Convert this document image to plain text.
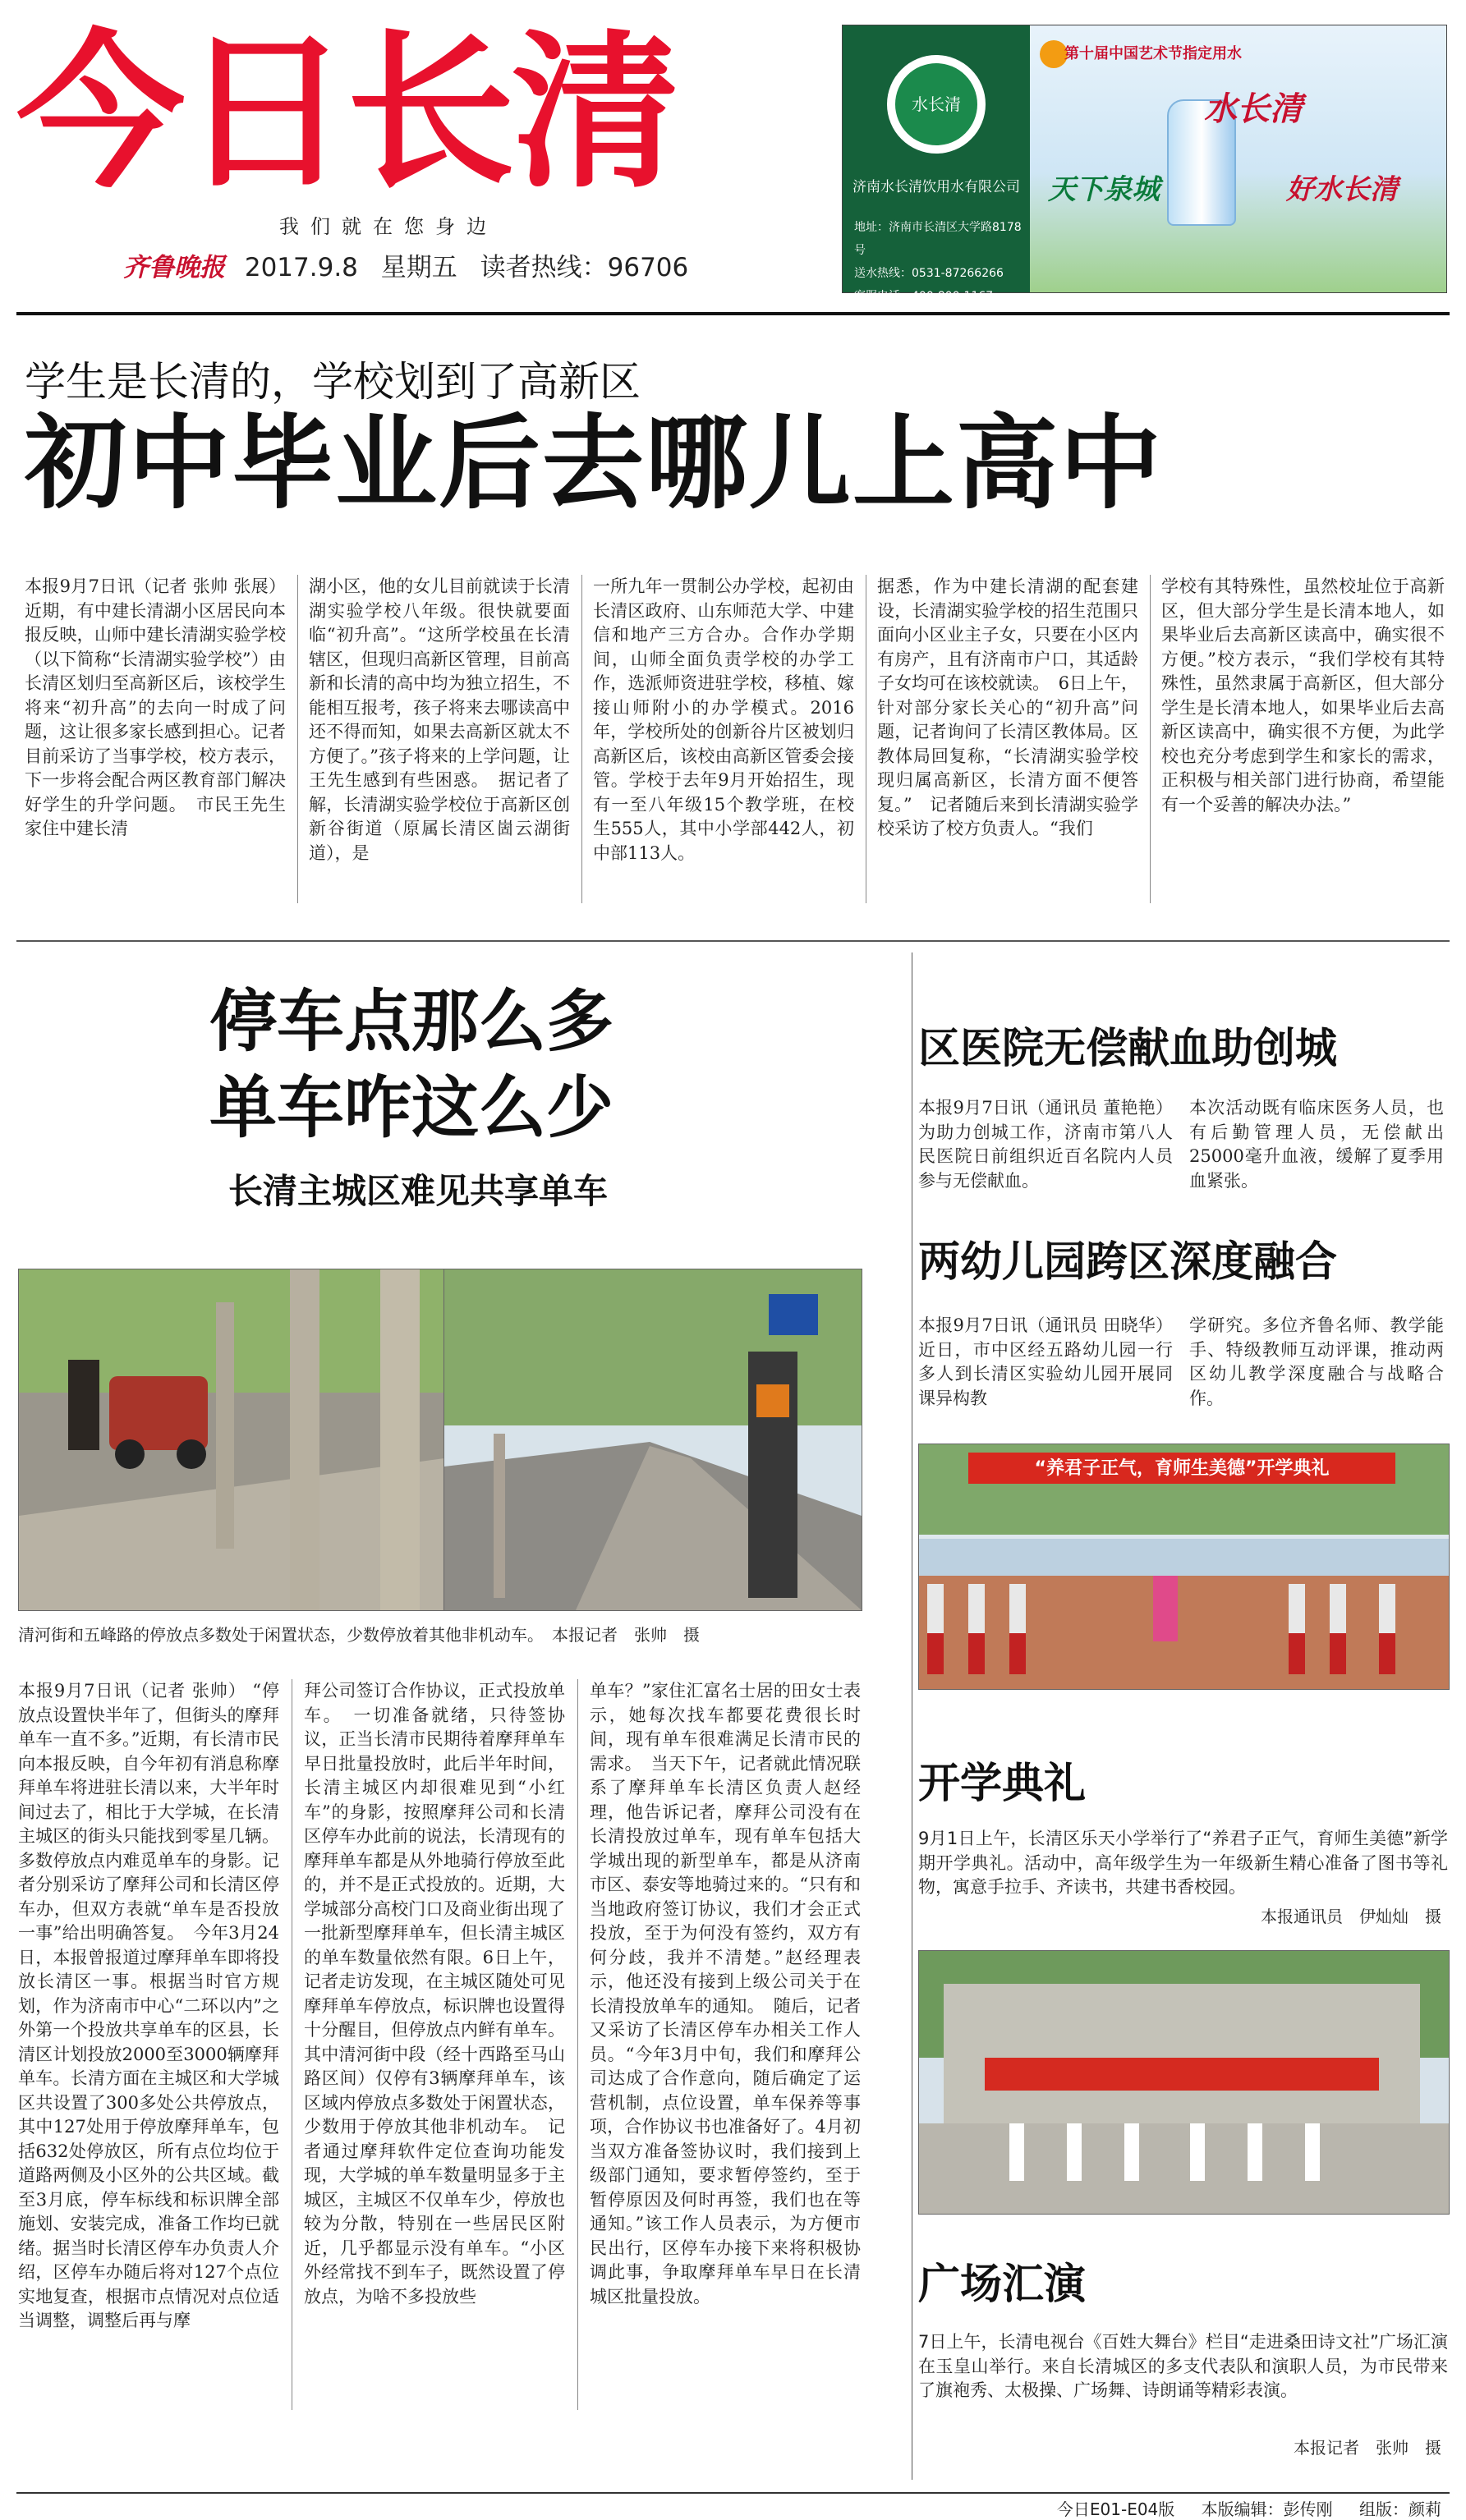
今日长清
我们就在您身边
齐鲁晚报 2017.9.8 星期五 读者热线：96706
水长清
济南水长清饮用水有限公司
地址：济南市长清区大学路8178号
送水热线：0531-87266266
客服电话：400-800-1167
第十届中国艺术节指定用水
水长清
天下泉城	好水长清
学生是长清的，学校划到了高新区
初中毕业后去哪儿上高中
本报9月7日讯（记者 张帅 张展） 近期，有中建长清湖小区居民向本报反映，山师中建长清湖实验学校（以下简称“长清湖实验学校”）由长清区划归至高新区后，该校学生将来“初升高”的去向一时成了问题，这让很多家长感到担心。记者目前采访了当事学校，校方表示，下一步将会配合两区教育部门解决好学生的升学问题。　市民王先生家住中建长清
湖小区，他的女儿目前就读于长清湖实验学校八年级。很快就要面临“初升高”。“这所学校虽在长清辖区，但现归高新区管理，目前高新和长清的高中均为独立招生，不能相互报考，孩子将来去哪读高中还不得而知，如果去高新区就太不方便了。”孩子将来的上学问题，让王先生感到有些困惑。　据记者了解，长清湖实验学校位于高新区创新谷街道（原属长清区崮云湖街道），是
一所九年一贯制公办学校，起初由长清区政府、山东师范大学、中建信和地产三方合办。合作办学期间，山师全面负责学校的办学工作，选派师资进驻学校，移植、嫁接山师附小的办学模式。2016年，学校所处的创新谷片区被划归高新区后，该校由高新区管委会接管。学校于去年9月开始招生，现有一至八年级15个教学班，在校生555人，其中小学部442人，初中部113人。
据悉，作为中建长清湖的配套建设，长清湖实验学校的招生范围只面向小区业主子女，只要在小区内有房产，且有济南市户口，其适龄子女均可在该校就读。　6日上午，针对部分家长关心的“初升高”问题，记者询问了长清区教体局。区教体局回复称，“长清湖实验学校现归属高新区，长清方面不便答复。”　记者随后来到长清湖实验学校采访了校方负责人。“我们
学校有其特殊性，虽然校址位于高新区，但大部分学生是长清本地人，如果毕业后去高新区读高中，确实很不方便。”校方表示，“我们学校有其特殊性，虽然隶属于高新区，但大部分学生是长清本地人，如果毕业后去高新区读高中，确实很不方便，为此学校也充分考虑到学生和家长的需求，正积极与相关部门进行协商，希望能有一个妥善的解决办法。”
停车点那么多
单车咋这么少
长清主城区难见共享单车
清河街和五峰路的停放点多数处于闲置状态，少数停放着其他非机动车。　本报记者　张帅　摄
本报9月7日讯（记者 张帅） “停放点设置快半年了，但街头的摩拜单车一直不多。”近期，有长清市民向本报反映，自今年初有消息称摩拜单车将进驻长清以来，大半年时间过去了，相比于大学城，在长清主城区的街头只能找到零星几辆。多数停放点内难觅单车的身影。记者分别采访了摩拜公司和长清区停车办，但双方表就“单车是否投放一事”给出明确答复。　今年3月24日，本报曾报道过摩拜单车即将投放长清区一事。根据当时官方规划，作为济南市中心“二环以内”之外第一个投放共享单车的区县，长清区计划投放2000至3000辆摩拜单车。长清方面在主城区和大学城区共设置了300多处公共停放点，其中127处用于停放摩拜单车，包括632处停放区，所有点位均位于道路两侧及小区外的公共区域。截至3月底，停车标线和标识牌全部施划、安装完成，准备工作均已就绪。据当时长清区停车办负责人介绍，区停车办随后将对127个点位实地复查，根据市点情况对点位适当调整，调整后再与摩
拜公司签订合作协议，正式投放单车。　一切准备就绪，只待签协议，正当长清市民期待着摩拜单车早日批量投放时，此后半年时间，长清主城区内却很难见到“小红车”的身影，按照摩拜公司和长清区停车办此前的说法，长清现有的摩拜单车都是从外地骑行停放至此的，并不是正式投放的。近期，大学城部分高校门口及商业街出现了一批新型摩拜单车，但长清主城区的单车数量依然有限。6日上午，记者走访发现，在主城区随处可见摩拜单车停放点，标识牌也设置得十分醒目，但停放点内鲜有单车。其中清河街中段（经十西路至马山路区间）仅停有3辆摩拜单车，该区域内停放点多数处于闲置状态，少数用于停放其他非机动车。　记者通过摩拜软件定位查询功能发现，大学城的单车数量明显多于主城区，主城区不仅单车少，停放也较为分散，特别在一些居民区附近，几乎都显示没有单车。“小区外经常找不到车子，既然设置了停放点，为啥不多投放些
单车？”家住汇富名士居的田女士表示，她每次找车都要花费很长时间，现有单车很难满足长清市民的需求。　当天下午，记者就此情况联系了摩拜单车长清区负责人赵经理，他告诉记者，摩拜公司没有在长清投放过单车，现有单车包括大学城出现的新型单车，都是从济南市区、泰安等地骑过来的。“只有和当地政府签订协议，我们才会正式投放，至于为何没有签约，双方有何分歧，我并不清楚。”赵经理表示，他还没有接到上级公司关于在长清投放单车的通知。　随后，记者又采访了长清区停车办相关工作人员。“今年3月中旬，我们和摩拜公司达成了合作意向，随后确定了运营机制，点位设置，单车保养等事项，合作协议书也准备好了。4月初当双方准备签协议时，我们接到上级部门通知，要求暂停签约，至于暂停原因及何时再签，我们也在等通知。”该工作人员表示，为方便市民出行，区停车办接下来将积极协调此事，争取摩拜单车早日在长清城区批量投放。
区医院无偿献血助创城
本报9月7日讯（通讯员 董艳艳） 为助力创城工作，济南市第八人民医院日前组织近百名院内人员参与无偿献血。
本次活动既有临床医务人员，也有后勤管理人员，无偿献出25000毫升血液，缓解了夏季用血紧张。
两幼儿园跨区深度融合
本报9月7日讯（通讯员 田晓华） 近日，市中区经五路幼儿园一行多人到长清区实验幼儿园开展同课异构教
学研究。多位齐鲁名师、教学能手、特级教师互动评课，推动两区幼儿教学深度融合与战略合作。
“养君子正气，育师生美德”开学典礼
开学典礼
9月1日上午，长清区乐天小学举行了“养君子正气，育师生美德”新学期开学典礼。活动中，高年级学生为一年级新生精心准备了图书等礼物，寓意手拉手、齐读书，共建书香校园。
本报通讯员　伊灿灿　摄
广场汇演
7日上午，长清电视台《百姓大舞台》栏目“走进桑田诗文社”广场汇演在玉皇山举行。来自长清城区的多支代表队和演职人员，为市民带来了旗袍秀、太极操、广场舞、诗朗诵等精彩表演。
本报记者　张帅　摄
今日E01-E04版 本版编辑：彭传刚 组版：颜莉
